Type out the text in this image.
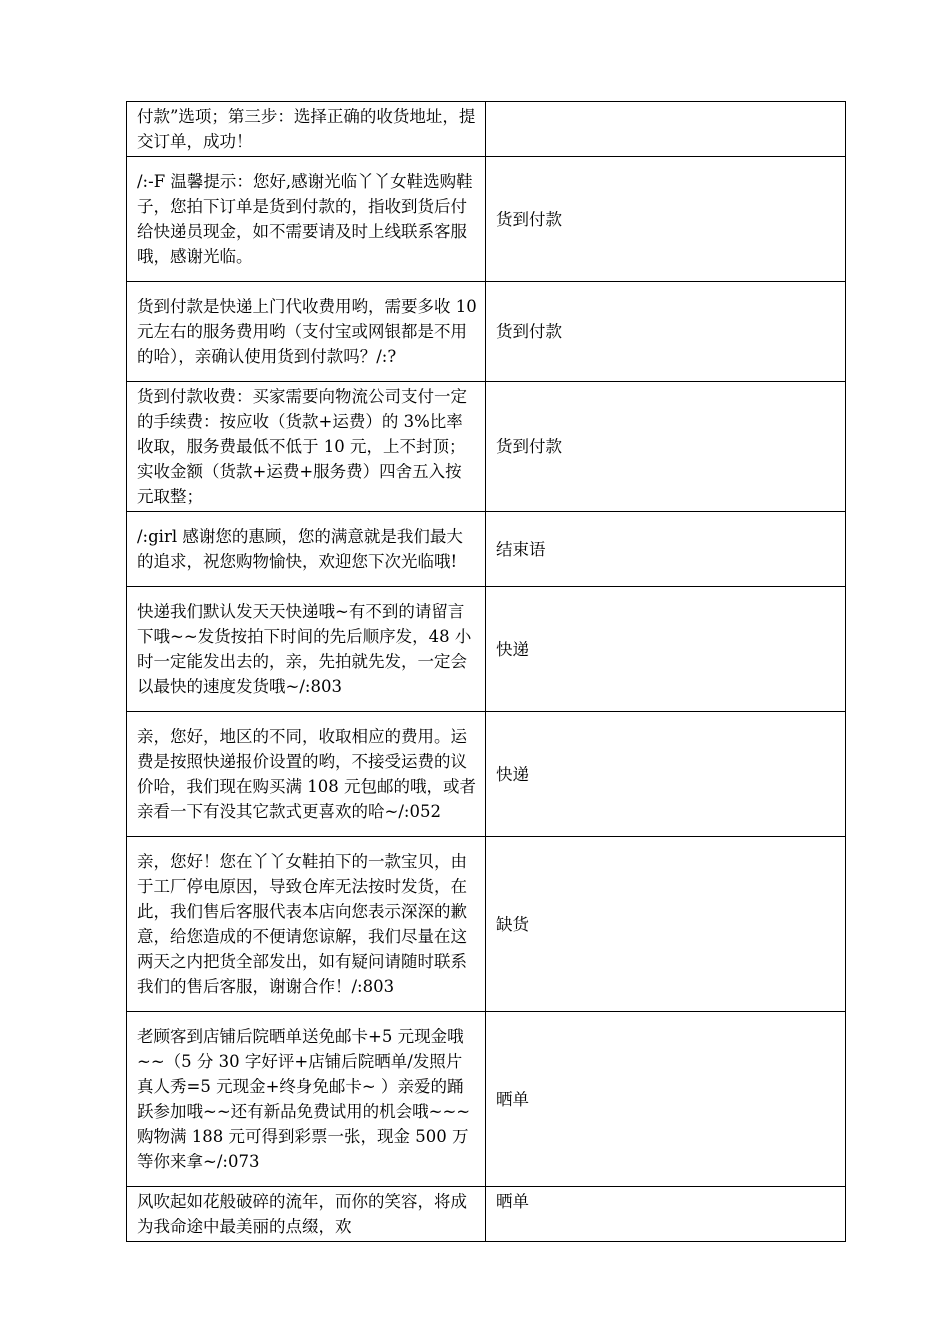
付款”选项；第三步：选择正确的收货地址，提交订单，成功！	
/:-F 温馨提示：您好,感谢光临丫丫女鞋选购鞋子，您拍下订单是货到付款的，指收到货后付给快递员现金，如不需要请及时上线联系客服哦，感谢光临。	货到付款
货到付款是快递上门代收费用哟，需要多收 10 元左右的服务费用哟（支付宝或网银都是不用的哈），亲确认使用货到付款吗？/:?	货到付款
货到付款收费：买家需要向物流公司支付一定的手续费：按应收（货款+运费）的 3%比率收取，服务费最低不低于 10 元，上不封顶；实收金额（货款+运费+服务费）四舍五入按元取整；	货到付款
/:girl 感谢您的惠顾，您的满意就是我们最大的追求，祝您购物愉快，欢迎您下次光临哦!	结束语
快递我们默认发天天快递哦~有不到的请留言下哦~~发货按拍下时间的先后顺序发，48 小时一定能发出去的，亲，先拍就先发，一定会以最快的速度发货哦~/:803	快递
亲，您好，地区的不同，收取相应的费用。运费是按照快递报价设置的哟，不接受运费的议价哈，我们现在购买满 108 元包邮的哦，或者亲看一下有没其它款式更喜欢的哈~/:052	快递
亲，您好！您在丫丫女鞋拍下的一款宝贝，由于工厂停电原因，导致仓库无法按时发货，在此，我们售后客服代表本店向您表示深深的歉意，给您造成的不便请您谅解，我们尽量在这两天之内把货全部发出，如有疑问请随时联系我们的售后客服，谢谢合作！/:803	缺货
老顾客到店铺后院晒单送免邮卡+5 元现金哦~~（5 分 30 字好评+店铺后院晒单/发照片真人秀=5 元现金+终身免邮卡~ ）亲爱的踊跃参加哦~~还有新品免费试用的机会哦~~~ 购物满 188 元可得到彩票一张，现金 500 万等你来拿~/:073	晒单
风吹起如花般破碎的流年，而你的笑容，将成为我命途中最美丽的点缀，欢	晒单
